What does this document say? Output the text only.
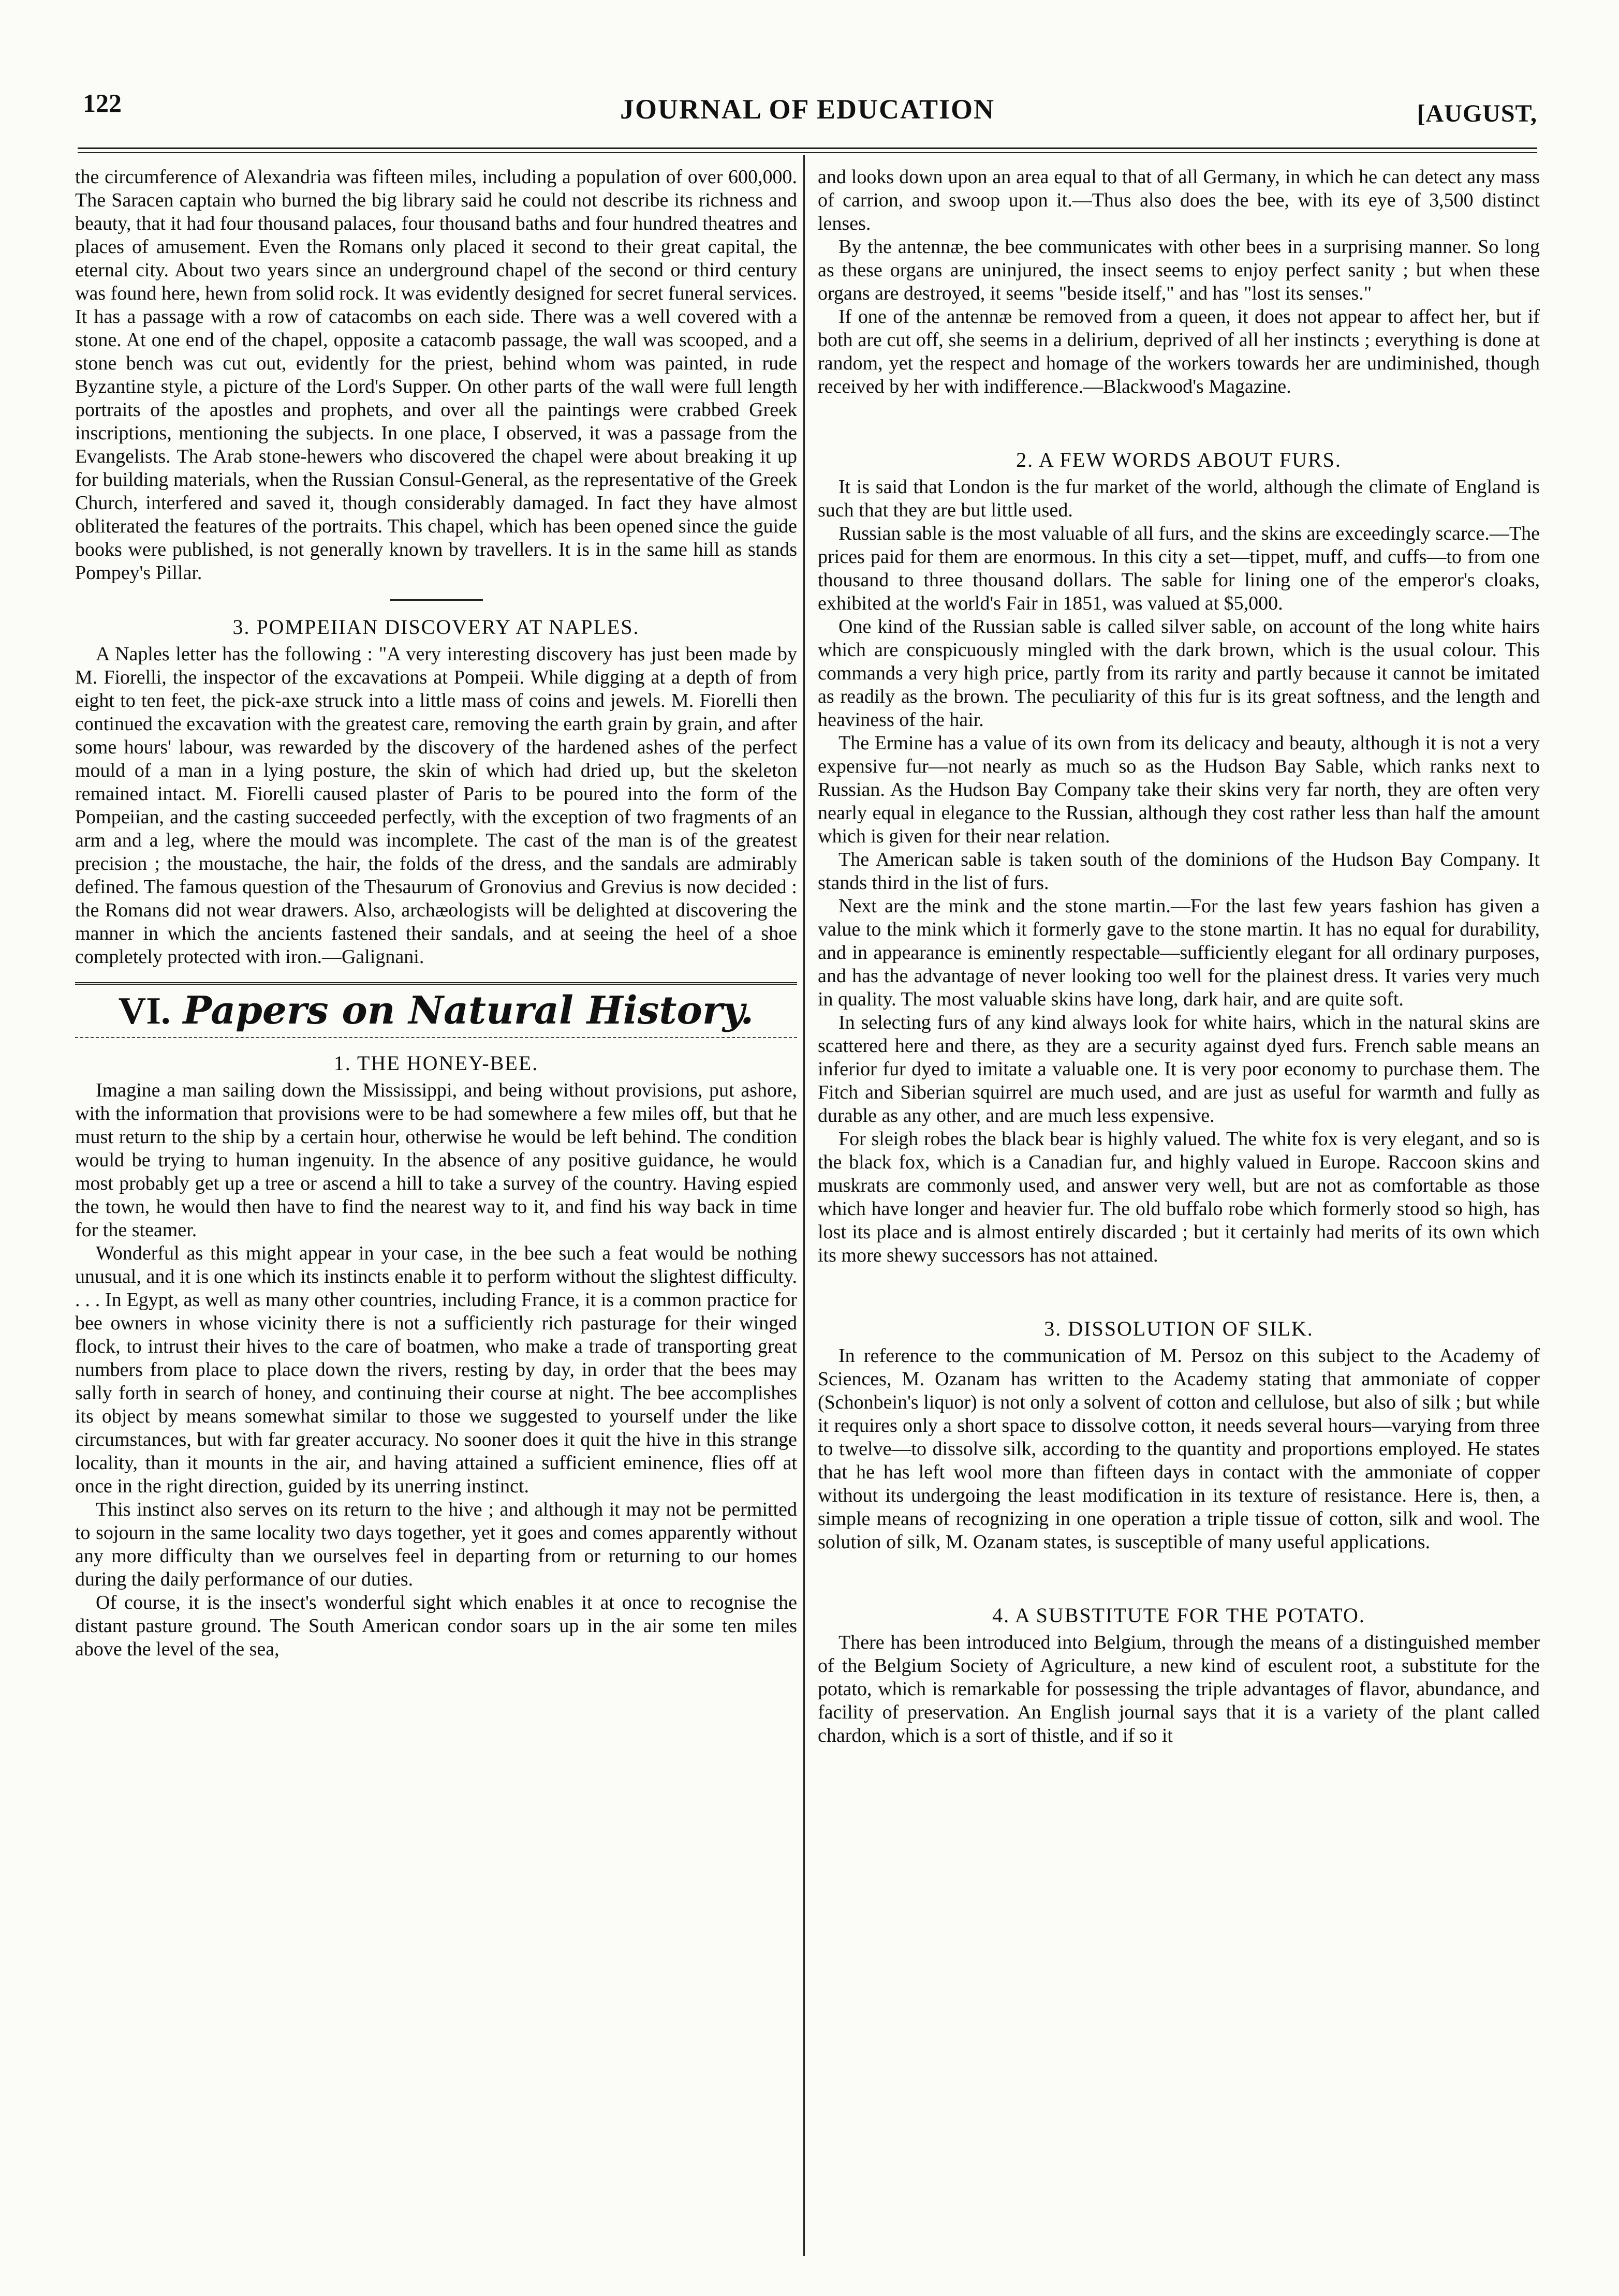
122	JOURNAL OF EDUCATION	[AUGUST,

the circumference of Alexandria was fifteen miles, including a population of over 600,000. The Saracen captain who burned the big library said he could not describe its richness and beauty, that it had four thousand palaces, four thousand baths and four hundred theatres and places of amusement. Even the Romans only placed it second to their great capital, the eternal city. About two years since an underground chapel of the second or third century was found here, hewn from solid rock. It was evidently designed for secret funeral services. It has a passage with a row of catacombs on each side. There was a well covered with a stone. At one end of the chapel, opposite a catacomb passage, the wall was scooped, and a stone bench was cut out, evidently for the priest, behind whom was painted, in rude Byzantine style, a picture of the Lord's Supper. On other parts of the wall were full length portraits of the apostles and prophets, and over all the paintings were crabbed Greek inscriptions, mentioning the subjects. In one place, I observed, it was a passage from the Evangelists. The Arab stone-hewers who discovered the chapel were about breaking it up for building materials, when the Russian Consul-General, as the representative of the Greek Church, interfered and saved it, though considerably damaged. In fact they have almost obliterated the features of the portraits. This chapel, which has been opened since the guide books were published, is not generally known by travellers. It is in the same hill as stands Pompey's Pillar.

3. POMPEIIAN DISCOVERY AT NAPLES.

A Naples letter has the following : "A very interesting discovery has just been made by M. Fiorelli, the inspector of the excavations at Pompeii. While digging at a depth of from eight to ten feet, the pick-axe struck into a little mass of coins and jewels. M. Fiorelli then continued the excavation with the greatest care, removing the earth grain by grain, and after some hours' labour, was rewarded by the discovery of the hardened ashes of the perfect mould of a man in a lying posture, the skin of which had dried up, but the skeleton remained intact. M. Fiorelli caused plaster of Paris to be poured into the form of the Pompeiian, and the casting succeeded perfectly, with the exception of two fragments of an arm and a leg, where the mould was incomplete. The cast of the man is of the greatest precision ; the moustache, the hair, the folds of the dress, and the sandals are admirably defined. The famous question of the Thesaurum of Gronovius and Grevius is now decided : the Romans did not wear drawers. Also, archæologists will be delighted at discovering the manner in which the ancients fastened their sandals, and at seeing the heel of a shoe completely protected with iron.—Galignani.

VI. Papers on Natural History.
1. THE HONEY-BEE.

Imagine a man sailing down the Mississippi, and being without provisions, put ashore, with the information that provisions were to be had somewhere a few miles off, but that he must return to the ship by a certain hour, otherwise he would be left behind. The condition would be trying to human ingenuity. In the absence of any positive guidance, he would most probably get up a tree or ascend a hill to take a survey of the country. Having espied the town, he would then have to find the nearest way to it, and find his way back in time for the steamer.

Wonderful as this might appear in your case, in the bee such a feat would be nothing unusual, and it is one which its instincts enable it to perform without the slightest difficulty. . . . In Egypt, as well as many other countries, including France, it is a common practice for bee owners in whose vicinity there is not a sufficiently rich pasturage for their winged flock, to intrust their hives to the care of boatmen, who make a trade of transporting great numbers from place to place down the rivers, resting by day, in order that the bees may sally forth in search of honey, and continuing their course at night. The bee accomplishes its object by means somewhat similar to those we suggested to yourself under the like circumstances, but with far greater accuracy. No sooner does it quit the hive in this strange locality, than it mounts in the air, and having attained a sufficient eminence, flies off at once in the right direction, guided by its unerring instinct.

This instinct also serves on its return to the hive ; and although it may not be permitted to sojourn in the same locality two days together, yet it goes and comes apparently without any more difficulty than we ourselves feel in departing from or returning to our homes during the daily performance of our duties.

Of course, it is the insect's wonderful sight which enables it at once to recognise the distant pasture ground. The South American condor soars up in the air some ten miles above the level of the sea,

and looks down upon an area equal to that of all Germany, in which he can detect any mass of carrion, and swoop upon it.—Thus also does the bee, with its eye of 3,500 distinct lenses.

By the antennæ, the bee communicates with other bees in a surprising manner. So long as these organs are uninjured, the insect seems to enjoy perfect sanity ; but when these organs are destroyed, it seems "beside itself," and has "lost its senses."

If one of the antennæ be removed from a queen, it does not appear to affect her, but if both are cut off, she seems in a delirium, deprived of all her instincts ; everything is done at random, yet the respect and homage of the workers towards her are undiminished, though received by her with indifference.—Blackwood's Magazine.

2. A FEW WORDS ABOUT FURS.

It is said that London is the fur market of the world, although the climate of England is such that they are but little used.

Russian sable is the most valuable of all furs, and the skins are exceedingly scarce.—The prices paid for them are enormous. In this city a set—tippet, muff, and cuffs—to from one thousand to three thousand dollars. The sable for lining one of the emperor's cloaks, exhibited at the world's Fair in 1851, was valued at $5,000.

One kind of the Russian sable is called silver sable, on account of the long white hairs which are conspicuously mingled with the dark brown, which is the usual colour. This commands a very high price, partly from its rarity and partly because it cannot be imitated as readily as the brown. The peculiarity of this fur is its great softness, and the length and heaviness of the hair.

The Ermine has a value of its own from its delicacy and beauty, although it is not a very expensive fur—not nearly as much so as the Hudson Bay Sable, which ranks next to Russian. As the Hudson Bay Company take their skins very far north, they are often very nearly equal in elegance to the Russian, although they cost rather less than half the amount which is given for their near relation.

The American sable is taken south of the dominions of the Hudson Bay Company. It stands third in the list of furs.

Next are the mink and the stone martin.—For the last few years fashion has given a value to the mink which it formerly gave to the stone martin. It has no equal for durability, and in appearance is eminently respectable—sufficiently elegant for all ordinary purposes, and has the advantage of never looking too well for the plainest dress. It varies very much in quality. The most valuable skins have long, dark hair, and are quite soft.

In selecting furs of any kind always look for white hairs, which in the natural skins are scattered here and there, as they are a security against dyed furs. French sable means an inferior fur dyed to imitate a valuable one. It is very poor economy to purchase them. The Fitch and Siberian squirrel are much used, and are just as useful for warmth and fully as durable as any other, and are much less expensive.

For sleigh robes the black bear is highly valued. The white fox is very elegant, and so is the black fox, which is a Canadian fur, and highly valued in Europe. Raccoon skins and muskrats are commonly used, and answer very well, but are not as comfortable as those which have longer and heavier fur. The old buffalo robe which formerly stood so high, has lost its place and is almost entirely discarded ; but it certainly had merits of its own which its more shewy successors has not attained.

3. DISSOLUTION OF SILK.

In reference to the communication of M. Persoz on this subject to the Academy of Sciences, M. Ozanam has written to the Academy stating that ammoniate of copper (Schonbein's liquor) is not only a solvent of cotton and cellulose, but also of silk ; but while it requires only a short space to dissolve cotton, it needs several hours—varying from three to twelve—to dissolve silk, according to the quantity and proportions employed. He states that he has left wool more than fifteen days in contact with the ammoniate of copper without its undergoing the least modification in its texture of resistance. Here is, then, a simple means of recognizing in one operation a triple tissue of cotton, silk and wool. The solution of silk, M. Ozanam states, is susceptible of many useful applications.

4. A SUBSTITUTE FOR THE POTATO.

There has been introduced into Belgium, through the means of a distinguished member of the Belgium Society of Agriculture, a new kind of esculent root, a substitute for the potato, which is remarkable for possessing the triple advantages of flavor, abundance, and facility of preservation. An English journal says that it is a variety of the plant called chardon, which is a sort of thistle, and if so it
